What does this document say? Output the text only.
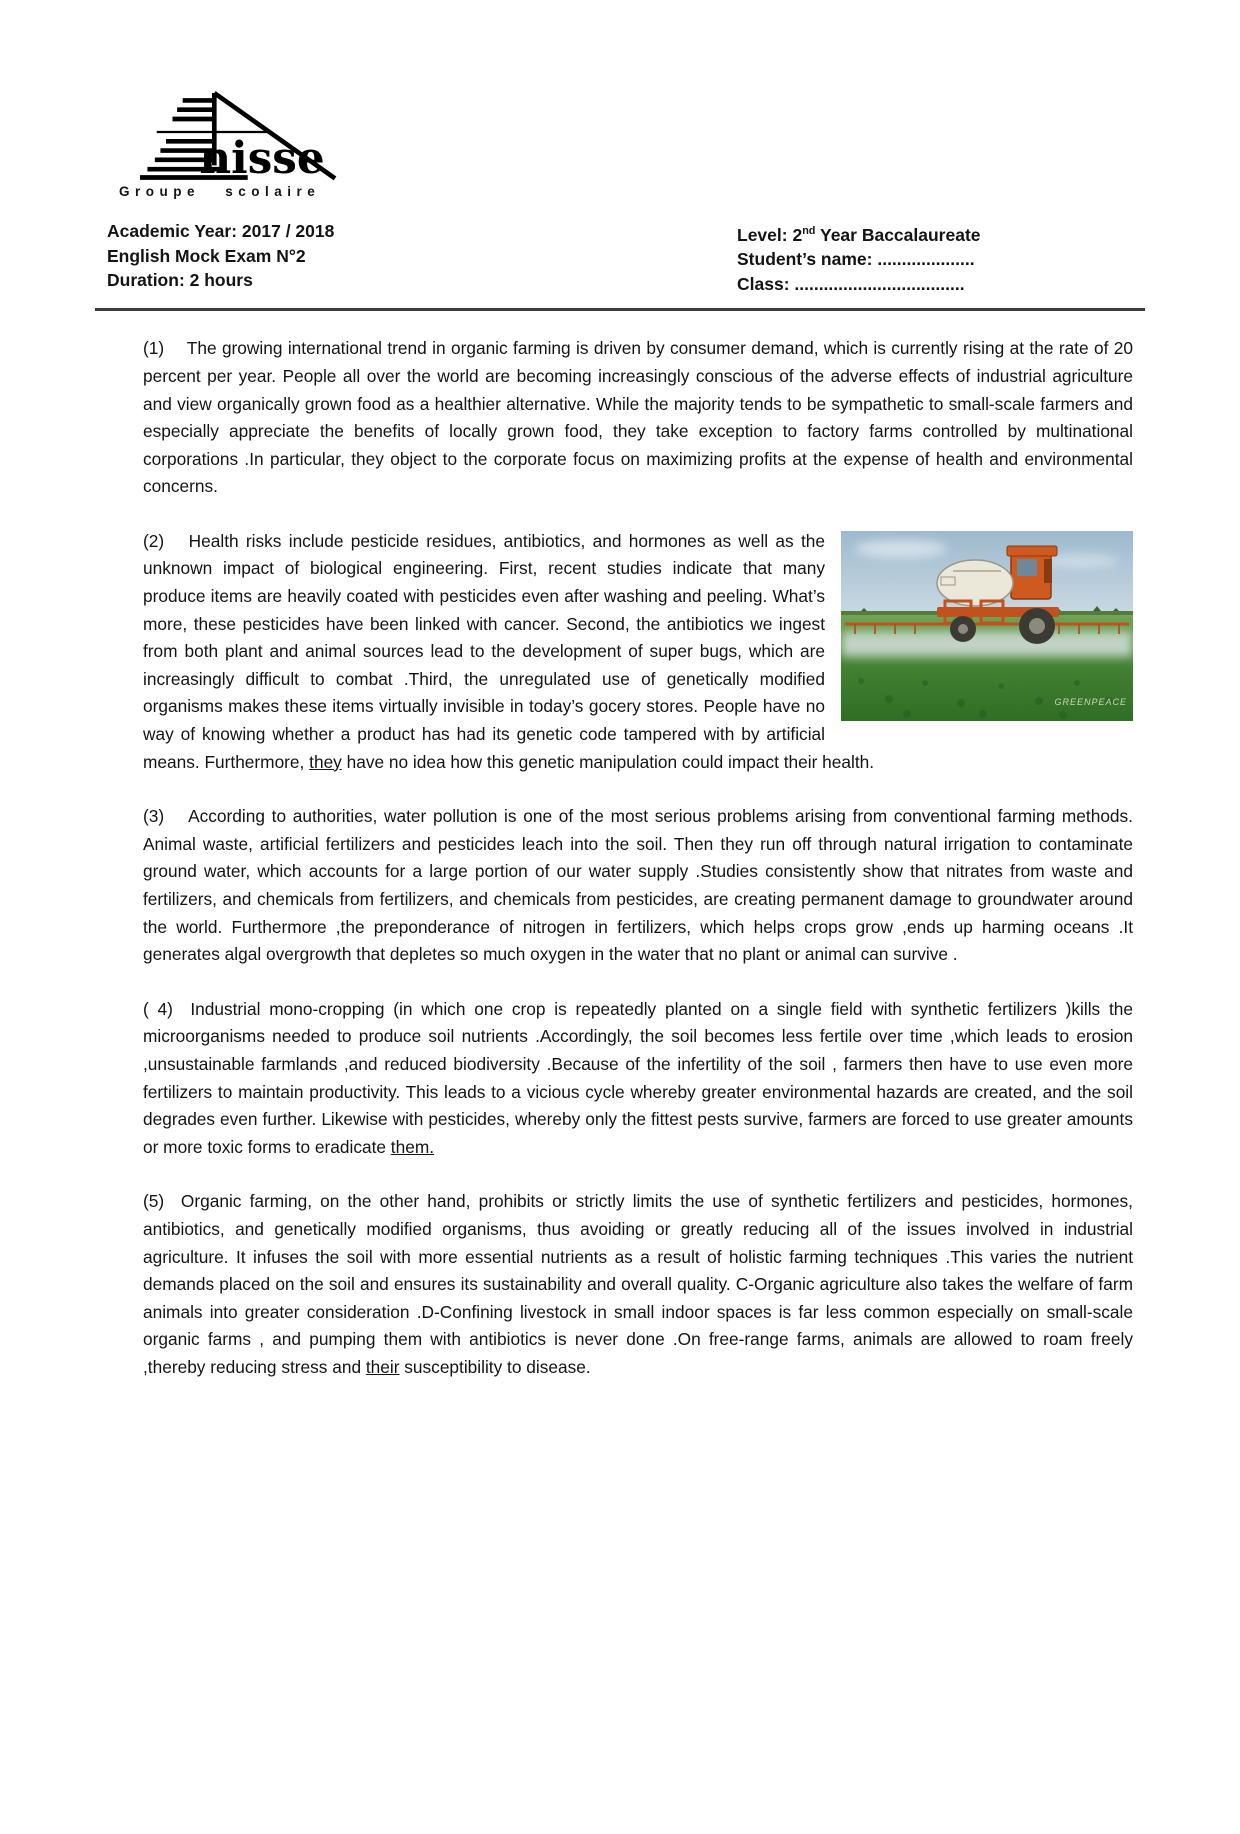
nisse
Groupe scolaire
Academic Year: 2017 / 2018
English Mock Exam N°2
Duration: 2 hours
Level: 2nd Year Baccalaureate
Student’s name: ....................
Class: ...................................

(1)  The growing international trend in organic farming is driven by consumer demand, which is currently rising at the rate of 20 percent per year. People all over the world are becoming increasingly conscious of the adverse effects of industrial agriculture and view organically grown food as a healthier alternative. While the majority tends to be sympathetic to small-scale farmers and especially appreciate the benefits of locally grown food, they take exception to factory farms controlled by multinational corporations .In particular, they object to the corporate focus on maximizing profits at the expense of health and environmental concerns.

GREENPEACE
(2)  Health risks include pesticide residues, antibiotics, and hormones as well as the unknown impact of biological engineering. First, recent studies indicate that many produce items are heavily coated with pesticides even after washing and peeling. What’s more, these pesticides have been linked with cancer. Second, the antibiotics we ingest from both plant and animal sources lead to the development of super bugs, which are increasingly difficult to combat .Third, the unregulated use of genetically modified organisms makes these items virtually invisible in today’s gocery stores. People have no way of knowing whether a product has had its genetic code tampered with by artificial means. Furthermore, they have no idea how this genetic manipulation could impact their health.

(3)  According to authorities, water pollution is one of the most serious problems arising from conventional farming methods. Animal waste, artificial fertilizers and pesticides leach into the soil. Then they run off through natural irrigation to contaminate ground water, which accounts for a large portion of our water supply .Studies consistently show that nitrates from waste and fertilizers, and chemicals from fertilizers, and chemicals from pesticides, are creating permanent damage to groundwater around the world. Furthermore ,the preponderance of nitrogen in fertilizers, which helps crops grow ,ends up harming oceans .It generates algal overgrowth that depletes so much oxygen in the water that no plant or animal can survive .

( 4)  Industrial mono-cropping (in which one crop is repeatedly planted on a single field with synthetic fertilizers )kills the microorganisms needed to produce soil nutrients .Accordingly, the soil becomes less fertile over time ,which leads to erosion ,unsustainable farmlands ,and reduced biodiversity .Because of the infertility of the soil , farmers then have to use even more fertilizers to maintain productivity. This leads to a vicious cycle whereby greater environmental hazards are created, and the soil degrades even further. Likewise with pesticides, whereby only the fittest pests survive, farmers are forced to use greater amounts or more toxic forms to eradicate them.

(5)  Organic farming, on the other hand, prohibits or strictly limits the use of synthetic fertilizers and pesticides, hormones, antibiotics, and genetically modified organisms, thus avoiding or greatly reducing all of the issues involved in industrial agriculture. It infuses the soil with more essential nutrients as a result of holistic farming techniques .This varies the nutrient demands placed on the soil and ensures its sustainability and overall quality. C-Organic agriculture also takes the welfare of farm animals into greater consideration .D-Confining livestock in small indoor spaces is far less common especially on small-scale organic farms , and pumping them with antibiotics is never done .On free-range farms, animals are allowed to roam freely ,thereby reducing stress and their susceptibility to disease.
